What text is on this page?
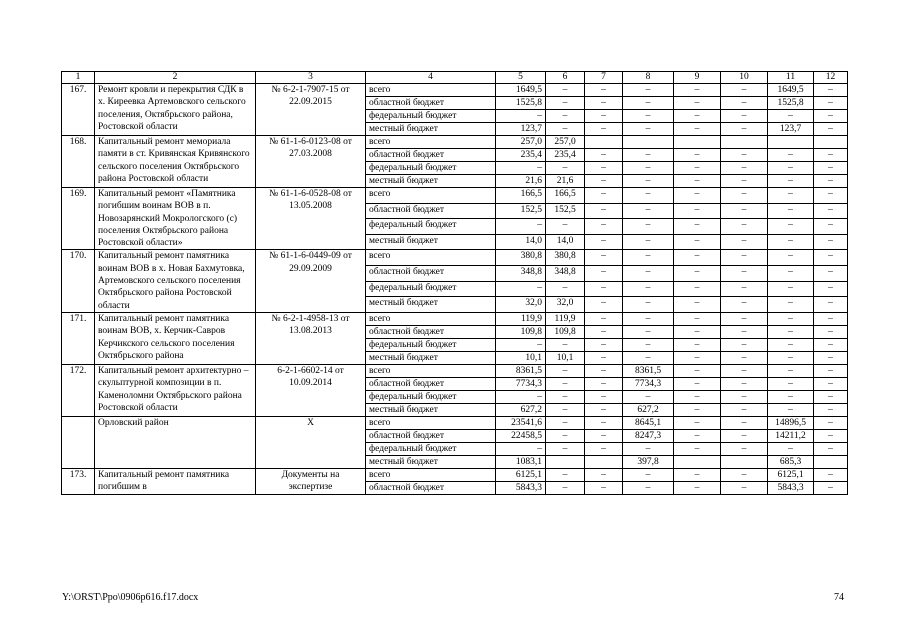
1	2	3	4	5	6	7	8	9	10	11	12
167.	Ремонт кровли и перекрытия СДК в х. Киреевка Артемовского сельского поселения, Октябрьского района, Ростовской области	№ 6-2-1-7907-15 от 22.09.2015	всего	1649,5	–	–	–	–	–	1649,5	–
			областной бюджет	1525,8	–	–	–	–	–	1525,8	–
			федеральный бюджет	–	–	–	–	–	–	–	–
			местный бюджет	123,7	–	–	–	–	–	123,7	–
168.	Капитальный ремонт мемориала памяти в ст. Кривянская Кривянского сельского поселения Октябрьского района Ростовской области	№ 61-1-6-0123-08 от 27.03.2008	всего	257,0	257,0						
			областной бюджет	235,4	235,4	–	–	–	–	–	–
			федеральный бюджет	–	–	–	–	–	–	–	–
			местный бюджет	21,6	21,6	–	–	–	–	–	–
169.	Капитальный ремонт «Памятника погибшим воинам ВОВ в п. Новозарянский Мокрологского (с) поселения Октябрьского района Ростовской области»	№ 61-1-6-0528-08 от 13.05.2008	всего	166,5	166,5	–	–	–	–	–	–
			областной бюджет	152,5	152,5	–	–	–	–	–	–
			федеральный бюджет	–	–	–	–	–	–	–	–
			местный бюджет	14,0	14,0	–	–	–	–	–	–
170.	Капитальный ремонт памятника воинам ВОВ в х. Новая Бахмутовка, Артемовского сельского поселения Октябрьского района Ростовской области	№ 61-1-6-0449-09 от 29.09.2009	всего	380,8	380,8	–	–	–	–	–	–
			областной бюджет	348,8	348,8	–	–	–	–	–	–
			федеральный бюджет	–	–	–	–	–	–	–	–
			местный бюджет	32,0	32,0	–	–	–	–	–	–
171.	Капитальный ремонт памятника воинам ВОВ, х. Керчик-Савров Керчикского сельского поселения Октябрьского района	№ 6-2-1-4958-13 от 13.08.2013	всего	119,9	119,9	–	–	–	–	–	–
			областной бюджет	109,8	109,8	–	–	–	–	–	–
			федеральный бюджет	–	–	–	–	–	–	–	–
			местный бюджет	10,1	10,1	–	–	–	–	–	–
172.	Капитальный ремонт архитектурно – скульптурной композиции в п. Каменоломни Октябрьского района Ростовской области	6-2-1-6602-14 от 10.09.2014	всего	8361,5	–	–	8361,5	–	–	–	–
			областной бюджет	7734,3	–	–	7734,3	–	–	–	–
			федеральный бюджет	–	–	–	–	–	–	–	–
			местный бюджет	627,2	–	–	627,2	–	–	–	–
	Орловский район	Х	всего	23541,6	–	–	8645,1	–	–	14896,5	–
			областной бюджет	22458,5	–	–	8247,3	–	–	14211,2	–
			федеральный бюджет	–	–	–	–	–	–	–	–
			местный бюджет	1083,1			397,8			685,3	
173.	Капитальный ремонт памятника погибшим в	Документы на экспертизе	всего	6125,1	–	–	–	–	–	6125,1	–
			областной бюджет	5843,3	–	–	–	–	–	5843,3	–
Y:\ORST\Ppo\0906p616.f17.docx	74
